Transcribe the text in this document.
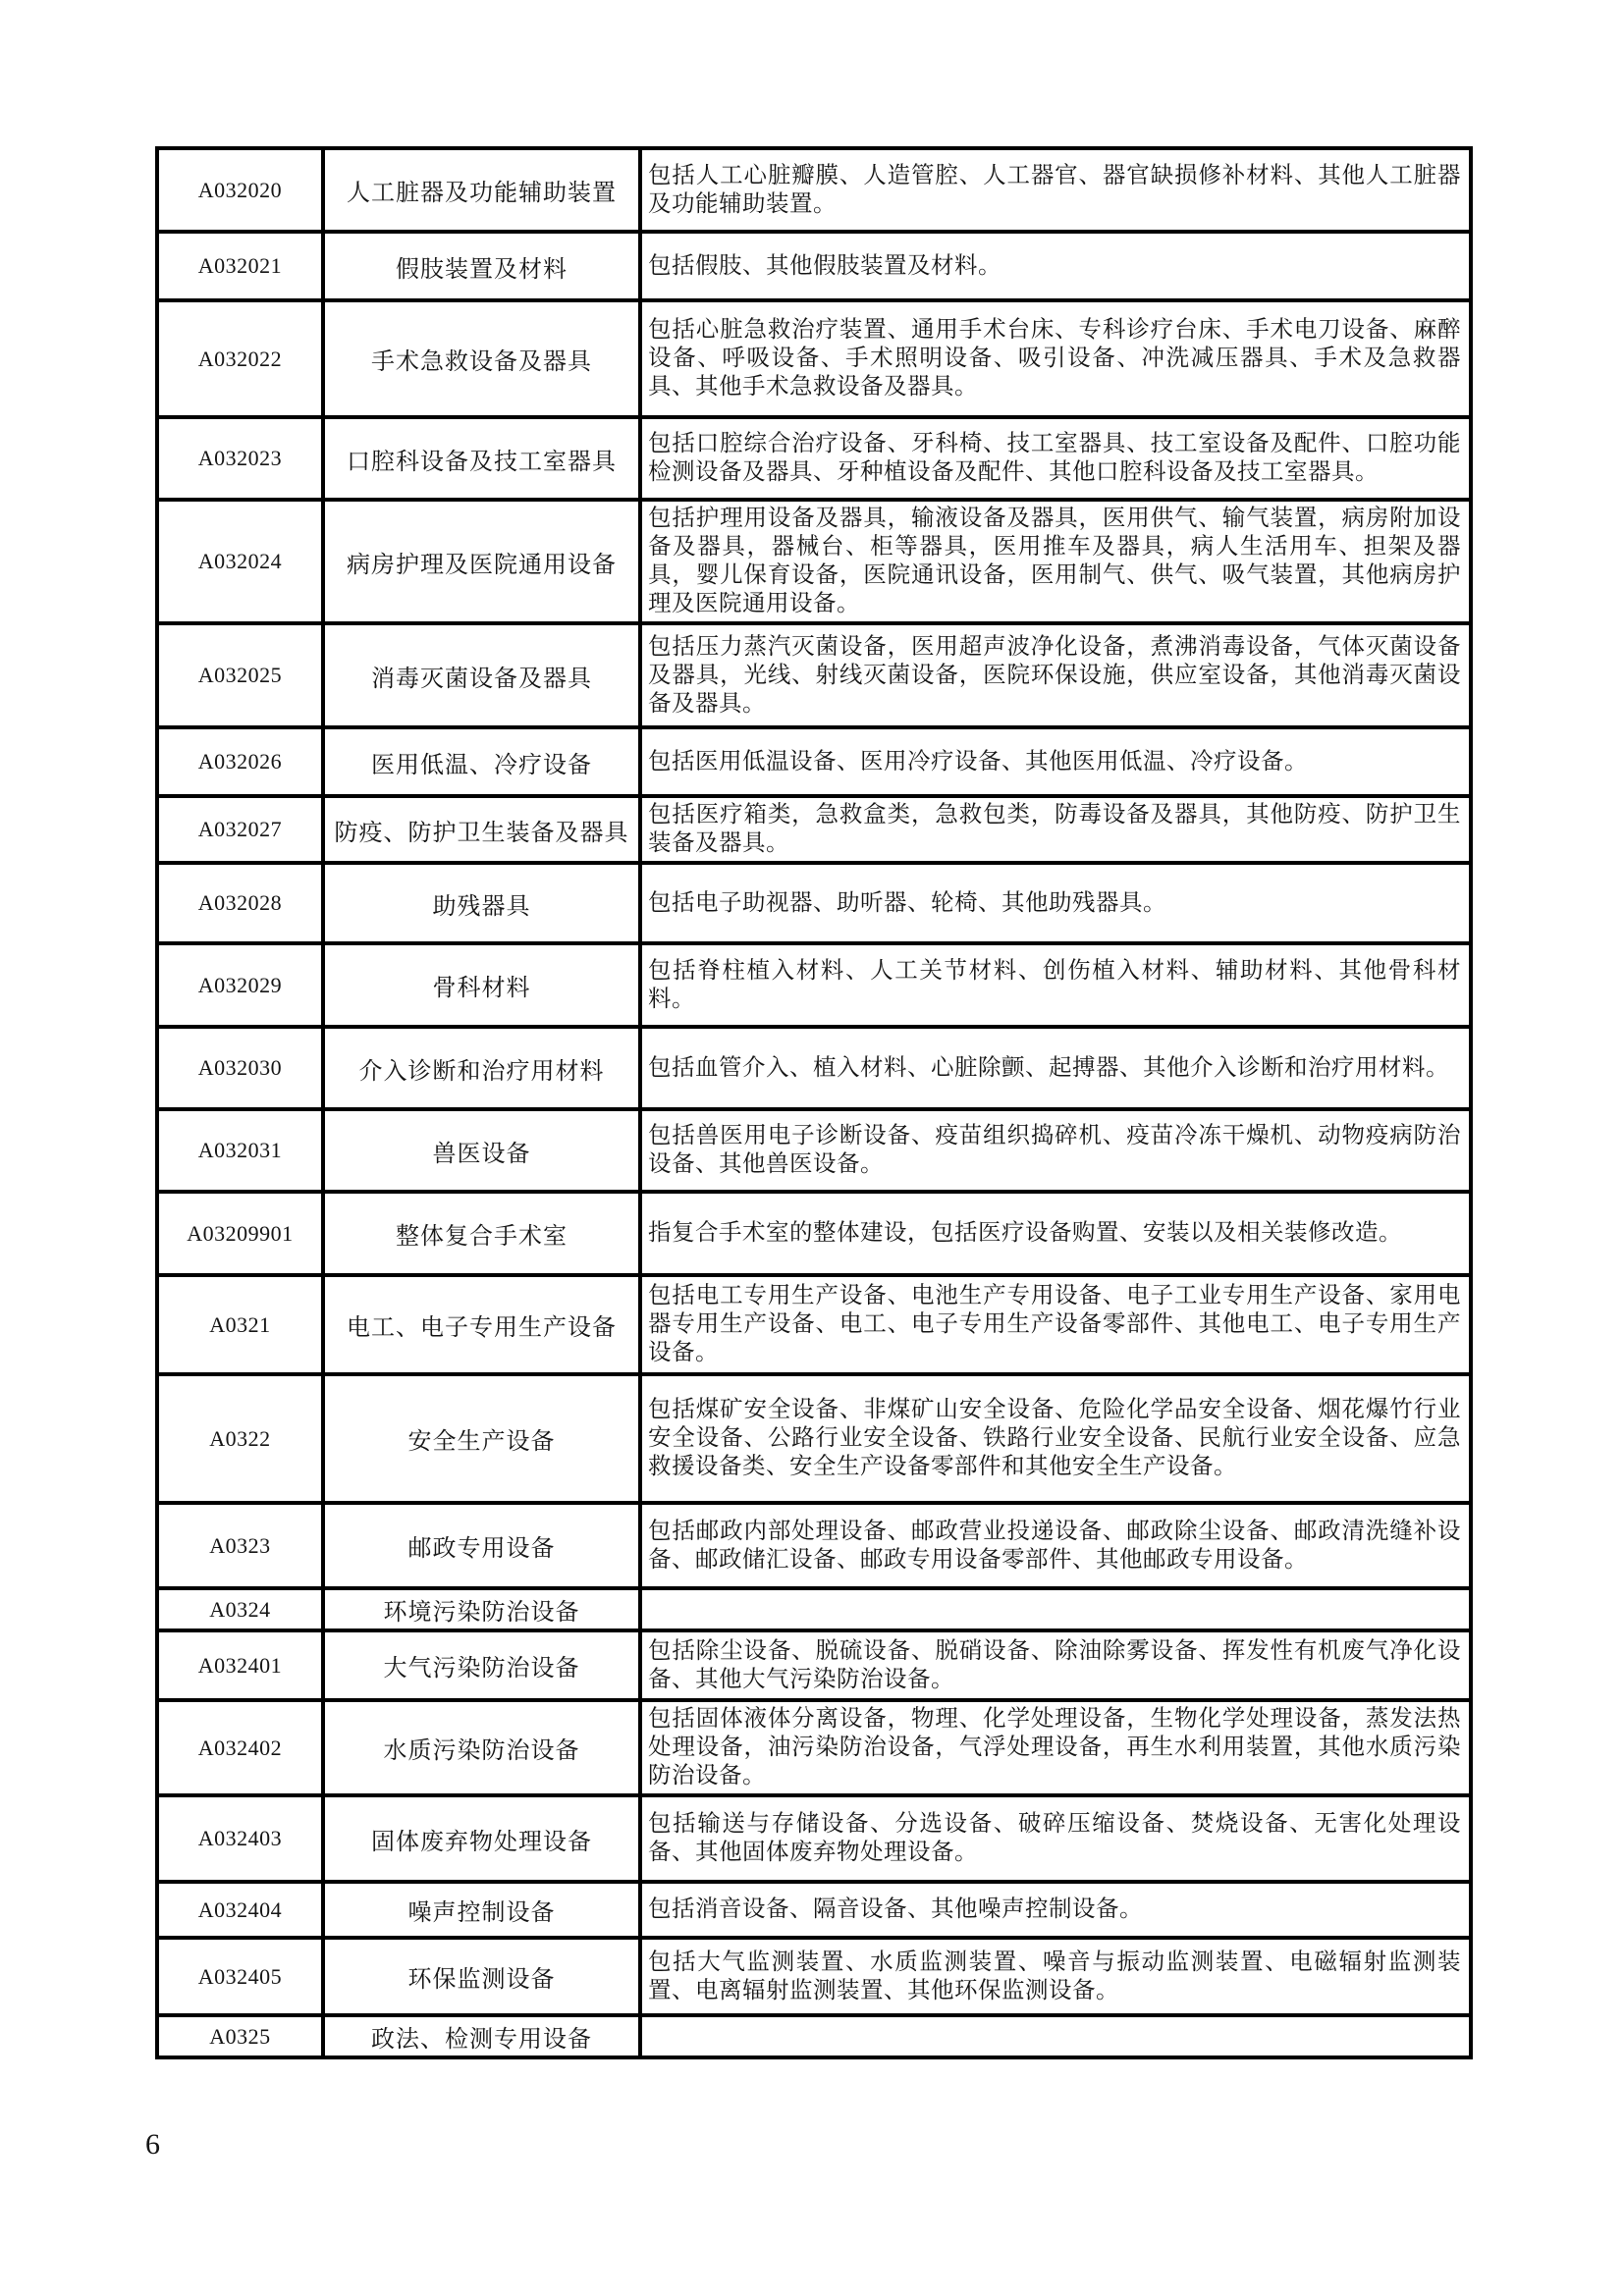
A032020	人工脏器及功能辅助装置	包括人工心脏瓣膜、人造管腔、人工器官、器官缺损修补材料、其他人工脏器及功能辅助装置。
A032021	假肢装置及材料	包括假肢、其他假肢装置及材料。
A032022	手术急救设备及器具	包括心脏急救治疗装置、通用手术台床、专科诊疗台床、手术电刀设备、麻醉设备、呼吸设备、手术照明设备、吸引设备、冲洗减压器具、手术及急救器具、其他手术急救设备及器具。
A032023	口腔科设备及技工室器具	包括口腔综合治疗设备、牙科椅、技工室器具、技工室设备及配件、口腔功能检测设备及器具、牙种植设备及配件、其他口腔科设备及技工室器具。
A032024	病房护理及医院通用设备	包括护理用设备及器具，输液设备及器具，医用供气、输气装置，病房附加设备及器具，器械台、柜等器具，医用推车及器具，病人生活用车、担架及器具，婴儿保育设备，医院通讯设备，医用制气、供气、吸气装置，其他病房护理及医院通用设备。
A032025	消毒灭菌设备及器具	包括压力蒸汽灭菌设备，医用超声波净化设备，煮沸消毒设备，气体灭菌设备及器具，光线、射线灭菌设备，医院环保设施，供应室设备，其他消毒灭菌设备及器具。
A032026	医用低温、冷疗设备	包括医用低温设备、医用冷疗设备、其他医用低温、冷疗设备。
A032027	防疫、防护卫生装备及器具	包括医疗箱类，急救盒类，急救包类，防毒设备及器具，其他防疫、防护卫生装备及器具。
A032028	助残器具	包括电子助视器、助听器、轮椅、其他助残器具。
A032029	骨科材料	包括脊柱植入材料、人工关节材料、创伤植入材料、辅助材料、其他骨科材料。
A032030	介入诊断和治疗用材料	包括血管介入、植入材料、心脏除颤、起搏器、其他介入诊断和治疗用材料。
A032031	兽医设备	包括兽医用电子诊断设备、疫苗组织捣碎机、疫苗冷冻干燥机、动物疫病防治设备、其他兽医设备。
A03209901	整体复合手术室	指复合手术室的整体建设，包括医疗设备购置、安装以及相关装修改造。
A0321	电工、电子专用生产设备	包括电工专用生产设备、电池生产专用设备、电子工业专用生产设备、家用电器专用生产设备、电工、电子专用生产设备零部件、其他电工、电子专用生产设备。
A0322	安全生产设备	包括煤矿安全设备、非煤矿山安全设备、危险化学品安全设备、烟花爆竹行业安全设备、公路行业安全设备、铁路行业安全设备、民航行业安全设备、应急救援设备类、安全生产设备零部件和其他安全生产设备。
A0323	邮政专用设备	包括邮政内部处理设备、邮政营业投递设备、邮政除尘设备、邮政清洗缝补设备、邮政储汇设备、邮政专用设备零部件、其他邮政专用设备。
A0324	环境污染防治设备	
A032401	大气污染防治设备	包括除尘设备、脱硫设备、脱硝设备、除油除雾设备、挥发性有机废气净化设备、其他大气污染防治设备。
A032402	水质污染防治设备	包括固体液体分离设备，物理、化学处理设备，生物化学处理设备，蒸发法热处理设备，油污染防治设备，气浮处理设备，再生水利用装置，其他水质污染防治设备。
A032403	固体废弃物处理设备	包括输送与存储设备、分选设备、破碎压缩设备、焚烧设备、无害化处理设备、其他固体废弃物处理设备。
A032404	噪声控制设备	包括消音设备、隔音设备、其他噪声控制设备。
A032405	环保监测设备	包括大气监测装置、水质监测装置、噪音与振动监测装置、电磁辐射监测装置、电离辐射监测装置、其他环保监测设备。
A0325	政法、检测专用设备	
6
